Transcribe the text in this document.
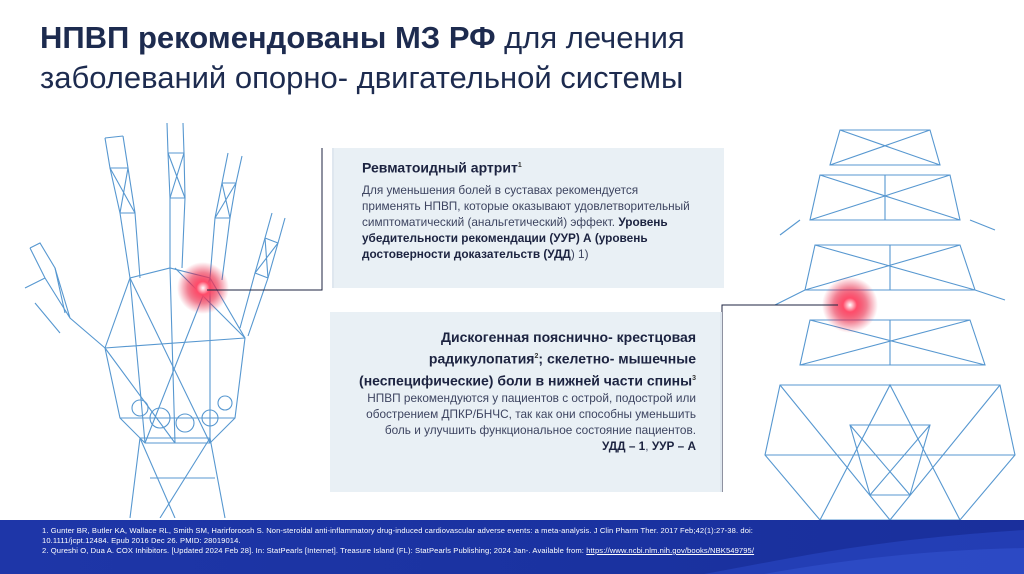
НПВП рекомендованы МЗ РФ для лечения
заболеваний опорно- двигательной системы
Ревматоидный артрит$^1$
Для уменьшения болей в суставах рекомендуется применять НПВП, которые оказывают удовлетворительный симптоматический (анальгетический) эффект. Уровень убедительности рекомендации (УУР) А (уровень достоверности доказательств (УДД) 1)
Дискогенная пояснично- крестцовая радикулопатия$^2$; скелетно- мышечные (неспецифические) боли в нижней части спины$^3$
НПВП рекомендуются у пациентов с острой, подострой или обострением ДПКР/БНЧС, так как они способны уменьшить боль и улучшить функциональное состояние пациентов. УДД – 1, УУР – А
1. Gunter BR, Butler KA, Wallace RL, Smith SM, Harirforoosh S. Non-steroidal anti-inflammatory drug-induced cardiovascular adverse events: a meta-analysis. J Clin Pharm Ther. 2017 Feb;42(1):27-38. doi:
10.1111/jcpt.12484. Epub 2016 Dec 26. PMID: 28019014.
2. Qureshi O, Dua A. COX Inhibitors. [Updated 2024 Feb 28]. In: StatPearls [Internet]. Treasure Island (FL): StatPearls Publishing; 2024 Jan-. Available from: https://www.ncbi.nlm.nih.gov/books/NBK549795/
